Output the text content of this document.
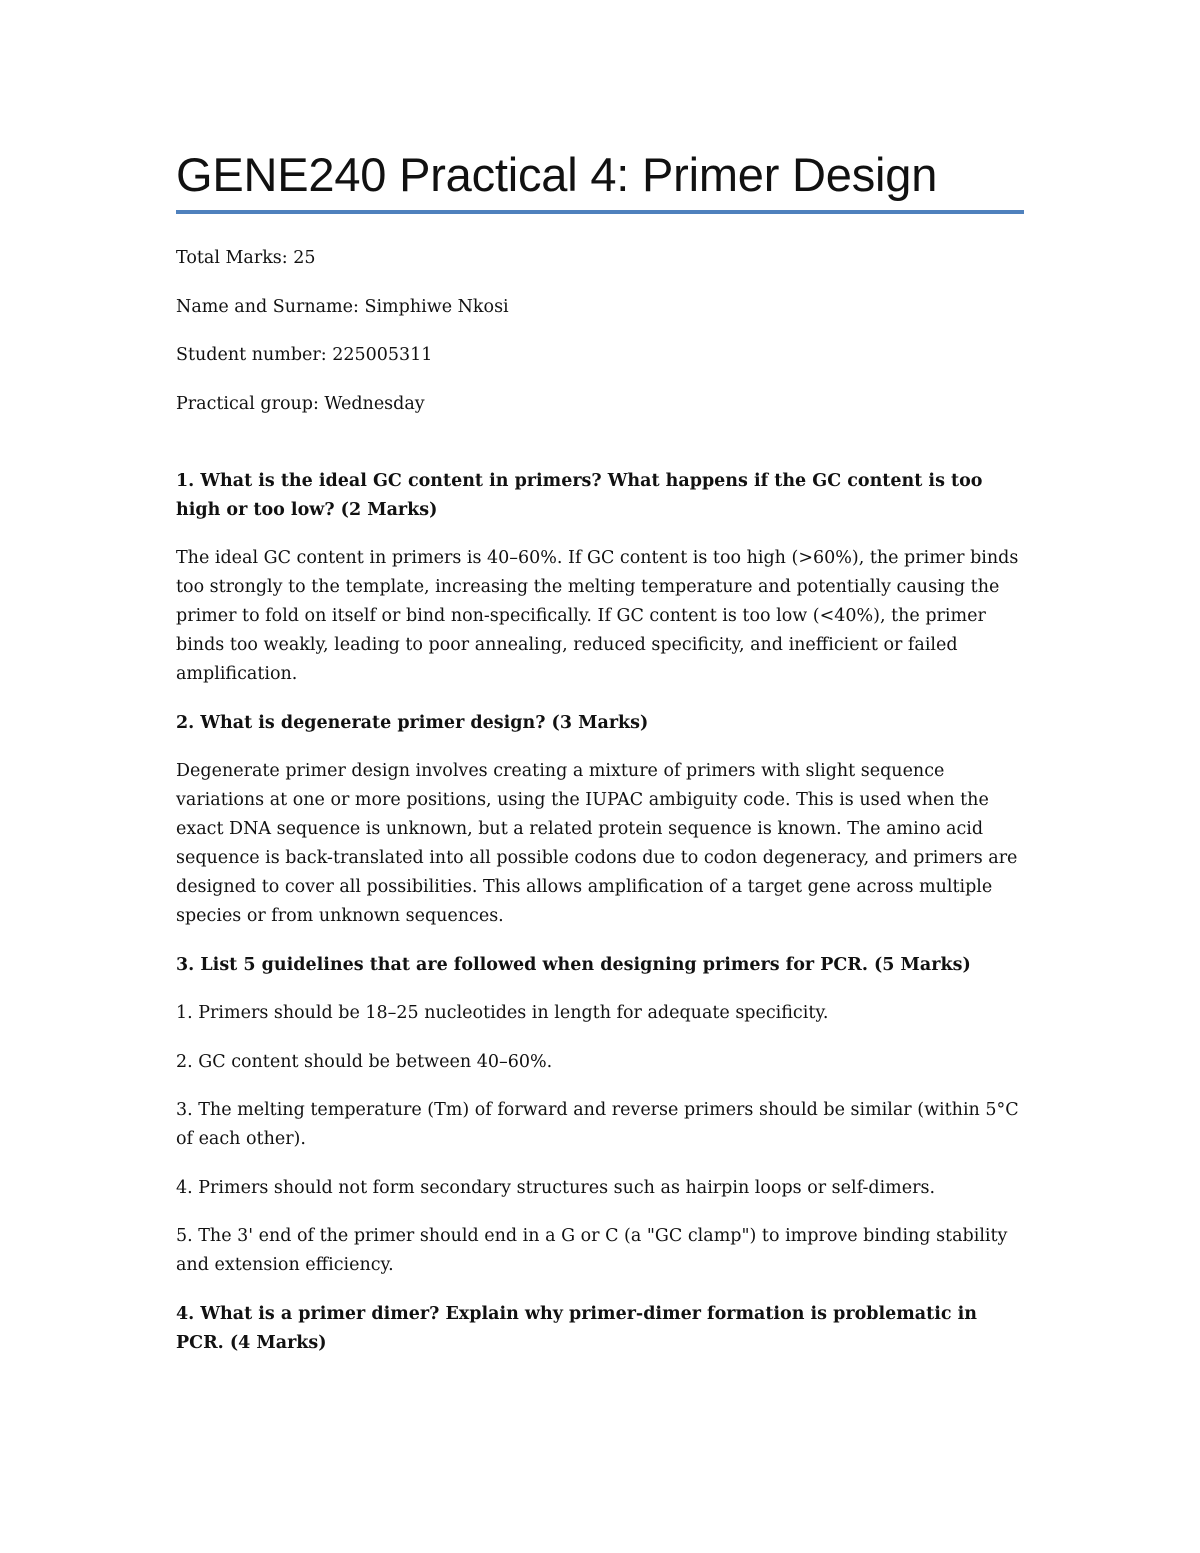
GENE240 Practical 4: Primer Design

Total Marks: 25

Name and Surname: Simphiwe Nkosi

Student number: 225005311

Practical group: Wednesday

1. What is the ideal GC content in primers? What happens if the GC content is too high or too low? (2 Marks)

The ideal GC content in primers is 40–60%. If GC content is too high (>60%), the primer binds too strongly to the template, increasing the melting temperature and potentially causing the primer to fold on itself or bind non-specifically. If GC content is too low (<40%), the primer binds too weakly, leading to poor annealing, reduced specificity, and inefficient or failed amplification.

2. What is degenerate primer design? (3 Marks)

Degenerate primer design involves creating a mixture of primers with slight sequence variations at one or more positions, using the IUPAC ambiguity code. This is used when the exact DNA sequence is unknown, but a related protein sequence is known. The amino acid sequence is back-translated into all possible codons due to codon degeneracy, and primers are designed to cover all possibilities. This allows amplification of a target gene across multiple species or from unknown sequences.

3. List 5 guidelines that are followed when designing primers for PCR. (5 Marks)

1. Primers should be 18–25 nucleotides in length for adequate specificity.

2. GC content should be between 40–60%.

3. The melting temperature (Tm) of forward and reverse primers should be similar (within 5°C of each other).

4. Primers should not form secondary structures such as hairpin loops or self-dimers.

5. The 3' end of the primer should end in a G or C (a "GC clamp") to improve binding stability and extension efficiency.

4. What is a primer dimer? Explain why primer-dimer formation is problematic in PCR. (4 Marks)
